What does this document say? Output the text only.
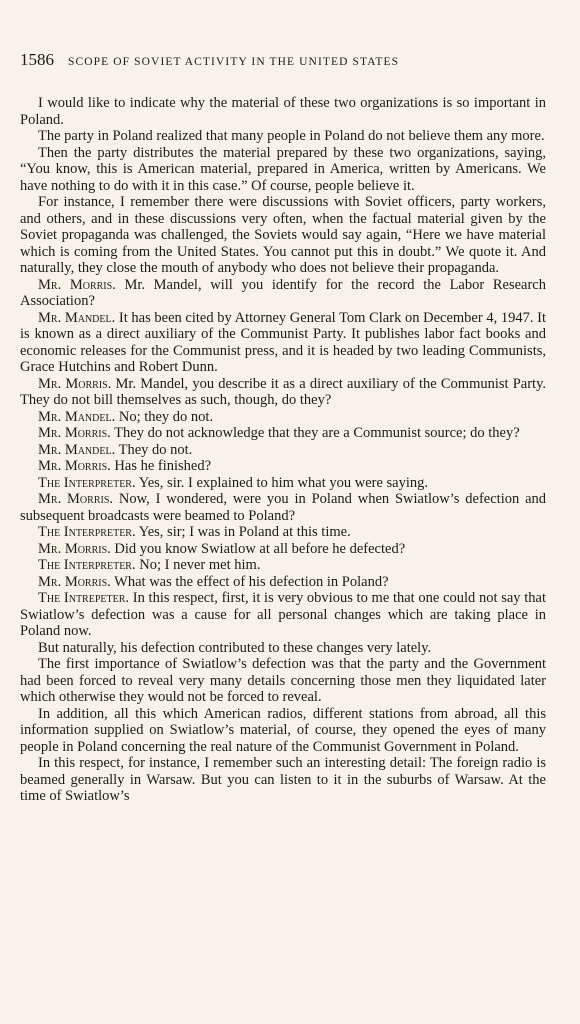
1586 SCOPE OF SOVIET ACTIVITY IN THE UNITED STATES

I would like to indicate why the material of these two organizations is so important in Poland.

The party in Poland realized that many people in Poland do not believe them any more.

Then the party distributes the material prepared by these two organizations, saying, “You know, this is American material, prepared in America, written by Americans. We have nothing to do with it in this case.” Of course, people believe it.

For instance, I remember there were discussions with Soviet officers, party workers, and others, and in these discussions very often, when the factual material given by the Soviet propaganda was challenged, the Soviets would say again, “Here we have material which is coming from the United States. You cannot put this in doubt.” We quote it. And naturally, they close the mouth of anybody who does not believe their propaganda.

Mr. Morris. Mr. Mandel, will you identify for the record the Labor Research Association?

Mr. Mandel. It has been cited by Attorney General Tom Clark on December 4, 1947. It is known as a direct auxiliary of the Communist Party. It publishes labor fact books and economic releases for the Communist press, and it is headed by two leading Communists, Grace Hutchins and Robert Dunn.

Mr. Morris. Mr. Mandel, you describe it as a direct auxiliary of the Communist Party. They do not bill themselves as such, though, do they?

Mr. Mandel. No; they do not.

Mr. Morris. They do not acknowledge that they are a Communist source; do they?

Mr. Mandel. They do not.

Mr. Morris. Has he finished?

The Interpreter. Yes, sir. I explained to him what you were saying.

Mr. Morris. Now, I wondered, were you in Poland when Swiatlow’s defection and subsequent broadcasts were beamed to Poland?

The Interpreter. Yes, sir; I was in Poland at this time.

Mr. Morris. Did you know Swiatlow at all before he defected?

The Interpreter. No; I never met him.

Mr. Morris. What was the effect of his defection in Poland?

The Intrepeter. In this respect, first, it is very obvious to me that one could not say that Swiatlow’s defection was a cause for all personal changes which are taking place in Poland now.

But naturally, his defection contributed to these changes very lately.

The first importance of Swiatlow’s defection was that the party and the Government had been forced to reveal very many details concerning those men they liquidated later which otherwise they would not be forced to reveal.

In addition, all this which American radios, different stations from abroad, all this information supplied on Swiatlow’s material, of course, they opened the eyes of many people in Poland concerning the real nature of the Communist Government in Poland.

In this respect, for instance, I remember such an interesting detail: The foreign radio is beamed generally in Warsaw. But you can listen to it in the suburbs of Warsaw. At the time of Swiatlow’s
